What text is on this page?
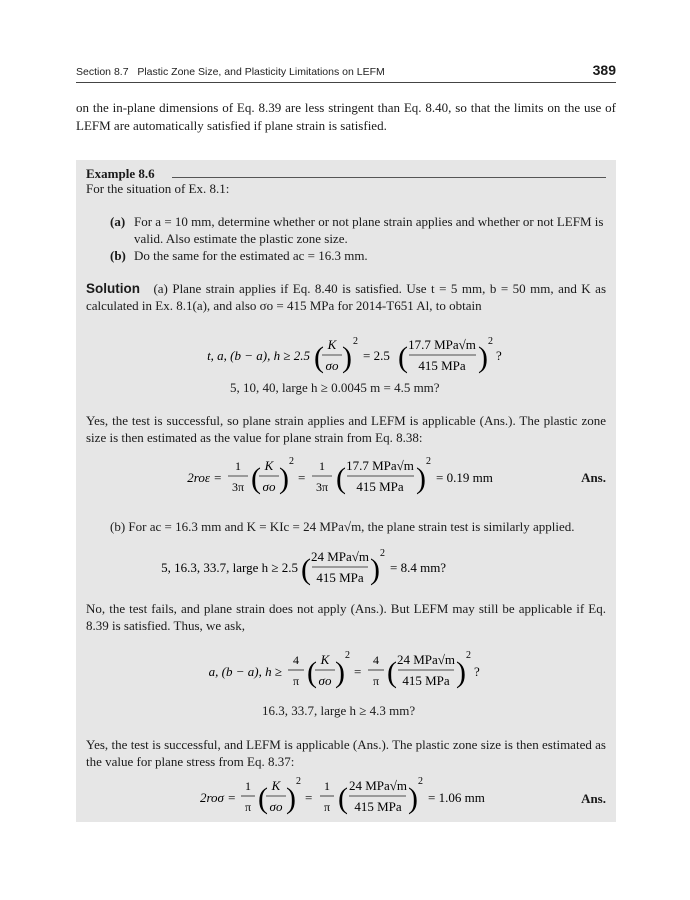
Section 8.7 Plastic Zone Size, and Plasticity Limitations on LEFM	389
on the in-plane dimensions of Eq. 8.39 are less stringent than Eq. 8.40, so that the limits on the use of LEFM are automatically satisfied if plane strain is satisfied.
Example 8.6
For the situation of Ex. 8.1:
(a) For a = 10 mm, determine whether or not plane strain applies and whether or not LEFM is valid. Also estimate the plastic zone size.
(b) Do the same for the estimated ac = 16.3 mm.
Solution (a) Plane strain applies if Eq. 8.40 is satisfied. Use t = 5 mm, b = 50 mm, and K as calculated in Ex. 8.1(a), and also σo = 415 MPa for 2014-T651 Al, to obtain
t, a, (b − a), h ≥ 2.5 ( K
σo ) 2
= 2.5 ( 17.7 MPa√m
415 MPa ) 2
?
5, 10, 40, large h ≥ 0.0045 m = 4.5 mm?
Yes, the test is successful, so plane strain applies and LEFM is applicable (Ans.). The plastic zone size is then estimated as the value for plane strain from Eq. 8.38:
2roε =
1
3π ( K
σo )
2
=
1
3π ( 17.7 MPa√m
415 MPa )
2
= 0.19 mm	Ans.
(b) For ac = 16.3 mm and K = KIc = 24 MPa√m, the plane strain test is similarly applied.
5, 16.3, 33.7, large h ≥ 2.5 ( 24 MPa√m
415 MPa ) 2
= 8.4 mm?
No, the test fails, and plane strain does not apply (Ans.). But LEFM may still be applicable if Eq. 8.39 is satisfied. Thus, we ask,
a, (b − a), h ≥
4
π ( K
σo )
2
=
4
π ( 24 MPa√m
415 MPa )
2
?
16.3, 33.7, large h ≥ 4.3 mm?
Yes, the test is successful, and LEFM is applicable (Ans.). The plastic zone size is then estimated as the value for plane stress from Eq. 8.37:
2roσ =
1
π ( K
σo )
2
=
1
π ( 24 MPa√m
415 MPa )
2
= 1.06 mm	Ans.
